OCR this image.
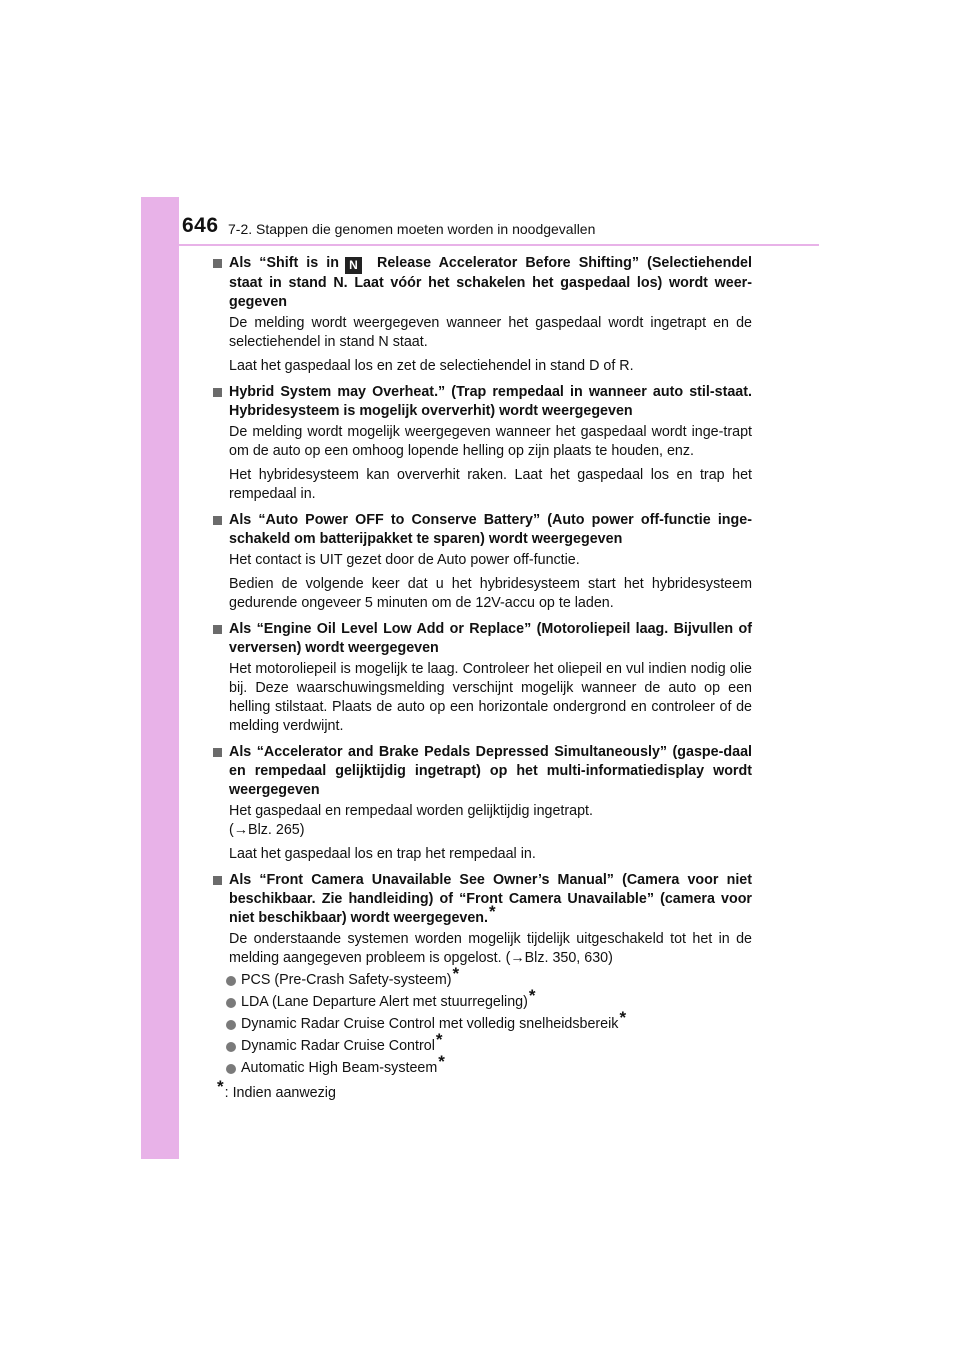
646 7-2. Stappen die genomen moeten worden in noodgevallen
Als “Shift is in N Release Accelerator Before Shifting” (Selectiehendel staat in stand N. Laat vóór het schakelen het gaspedaal los) wordt weer-gegeven
De melding wordt weergegeven wanneer het gaspedaal wordt ingetrapt en de selectiehendel in stand N staat.
Laat het gaspedaal los en zet de selectiehendel in stand D of R.
Hybrid System may Overheat.” (Trap rempedaal in wanneer auto stil-staat. Hybridesysteem is mogelijk oververhit) wordt weergegeven
De melding wordt mogelijk weergegeven wanneer het gaspedaal wordt inge-trapt om de auto op een omhoog lopende helling op zijn plaats te houden, enz.
Het hybridesysteem kan oververhit raken. Laat het gaspedaal los en trap het rempedaal in.
Als “Auto Power OFF to Conserve Battery” (Auto power off-functie inge-schakeld om batterijpakket te sparen) wordt weergegeven
Het contact is UIT gezet door de Auto power off-functie.
Bedien de volgende keer dat u het hybridesysteem start het hybridesysteem gedurende ongeveer 5 minuten om de 12V-accu op te laden.
Als “Engine Oil Level Low Add or Replace” (Motoroliepeil laag. Bijvullen of verversen) wordt weergegeven
Het motoroliepeil is mogelijk te laag. Controleer het oliepeil en vul indien nodig olie bij. Deze waarschuwingsmelding verschijnt mogelijk wanneer de auto op een helling stilstaat. Plaats de auto op een horizontale ondergrond en controleer of de melding verdwijnt.
Als “Accelerator and Brake Pedals Depressed Simultaneously” (gaspe-daal en rempedaal gelijktijdig ingetrapt) op het multi-informatiedisplay wordt weergegeven
Het gaspedaal en rempedaal worden gelijktijdig ingetrapt.
(→Blz. 265)
Laat het gaspedaal los en trap het rempedaal in.
Als “Front Camera Unavailable See Owner’s Manual” (Camera voor niet beschikbaar. Zie handleiding) of “Front Camera Unavailable” (camera voor niet beschikbaar) wordt weergegeven.*
De onderstaande systemen worden mogelijk tijdelijk uitgeschakeld tot het in de melding aangegeven probleem is opgelost. (→Blz. 350, 630)
PCS (Pre-Crash Safety-systeem)*
LDA (Lane Departure Alert met stuurregeling)*
Dynamic Radar Cruise Control met volledig snelheidsbereik*
Dynamic Radar Cruise Control*
Automatic High Beam-systeem*
*: Indien aanwezig
